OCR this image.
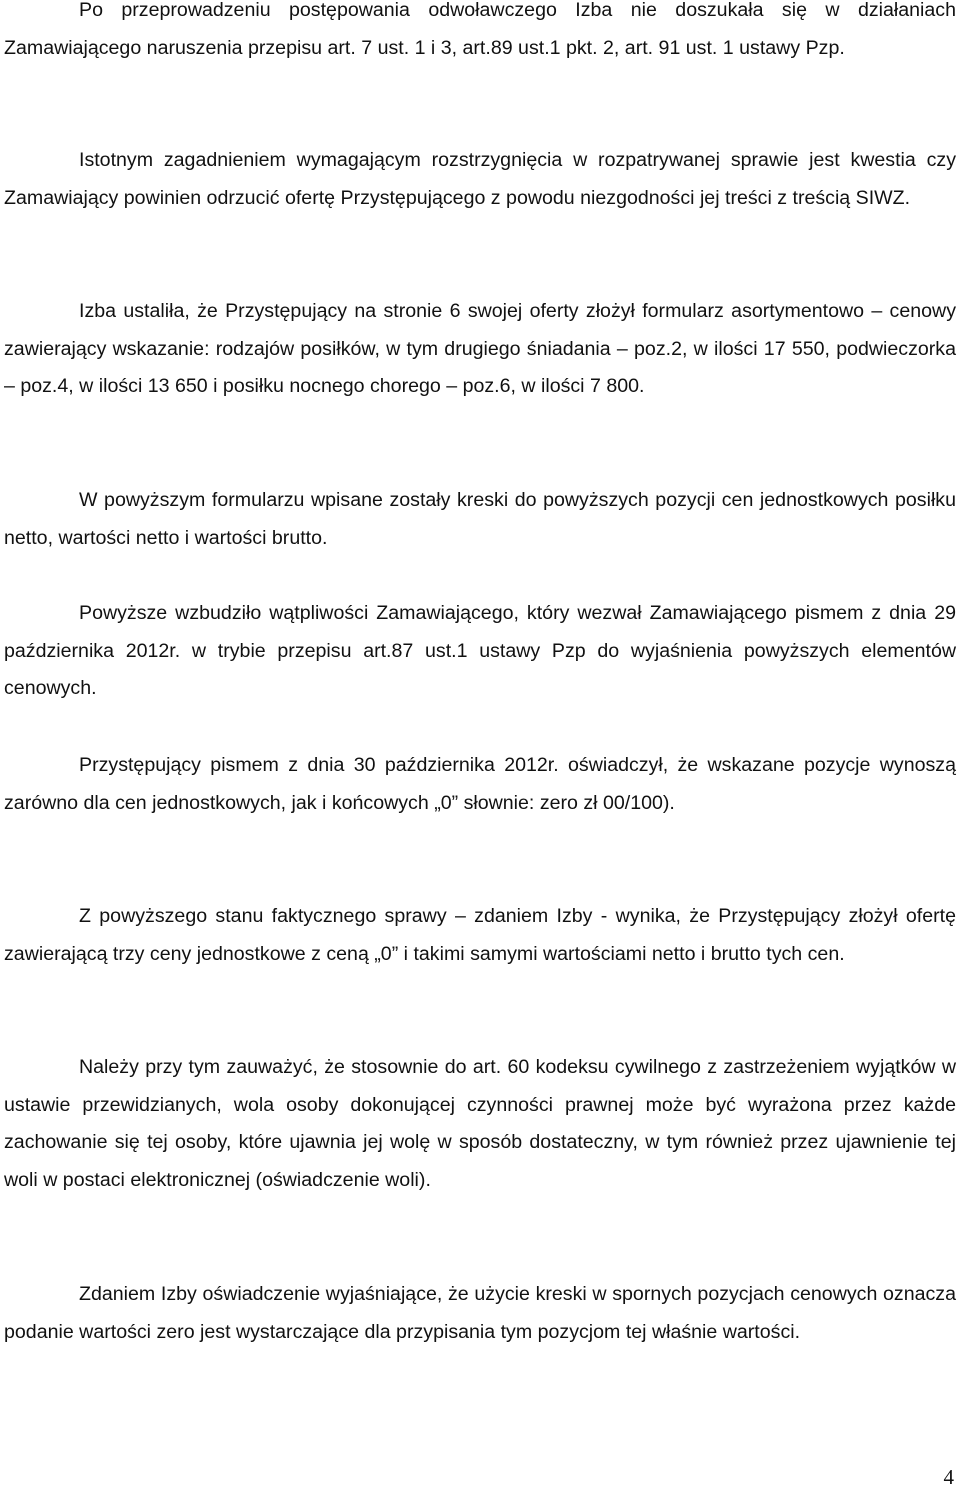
Po przeprowadzeniu postępowania odwoławczego Izba nie doszukała się w działaniach Zamawiającego naruszenia przepisu art. 7 ust. 1 i 3, art.89 ust.1 pkt. 2, art. 91 ust. 1 ustawy Pzp.

Istotnym zagadnieniem wymagającym rozstrzygnięcia w rozpatrywanej sprawie jest kwestia czy Zamawiający powinien odrzucić ofertę Przystępującego z powodu niezgodności jej treści z treścią SIWZ.

Izba ustaliła, że Przystępujący na stronie 6 swojej oferty złożył formularz asortymentowo – cenowy zawierający wskazanie: rodzajów posiłków, w tym drugiego śniadania – poz.2, w ilości 17 550, podwieczorka – poz.4, w ilości 13 650 i posiłku nocnego chorego – poz.6, w ilości 7 800.

W powyższym formularzu wpisane zostały kreski do powyższych pozycji cen jednostkowych posiłku netto, wartości netto i wartości brutto.

Powyższe wzbudziło wątpliwości Zamawiającego, który wezwał Zamawiającego pismem z dnia 29 października 2012r. w trybie przepisu art.87 ust.1 ustawy Pzp do wyjaśnienia powyższych elementów cenowych.

Przystępujący pismem z dnia 30 października 2012r. oświadczył, że wskazane pozycje wynoszą zarówno dla cen jednostkowych, jak i końcowych „0” słownie: zero zł 00/100).

Z powyższego stanu faktycznego sprawy – zdaniem Izby - wynika, że Przystępujący złożył ofertę zawierającą trzy ceny jednostkowe z ceną „0” i takimi samymi wartościami netto i brutto tych cen.

Należy przy tym zauważyć, że stosownie do art. 60 kodeksu cywilnego z zastrzeżeniem wyjątków w ustawie przewidzianych, wola osoby dokonującej czynności prawnej może być wyrażona przez każde zachowanie się tej osoby, które ujawnia jej wolę w sposób dostateczny, w tym również przez ujawnienie tej woli w postaci elektronicznej (oświadczenie woli).

Zdaniem Izby oświadczenie wyjaśniające, że użycie kreski w spornych pozycjach cenowych oznacza podanie wartości zero jest wystarczające dla przypisania tym pozycjom tej właśnie wartości.

4
